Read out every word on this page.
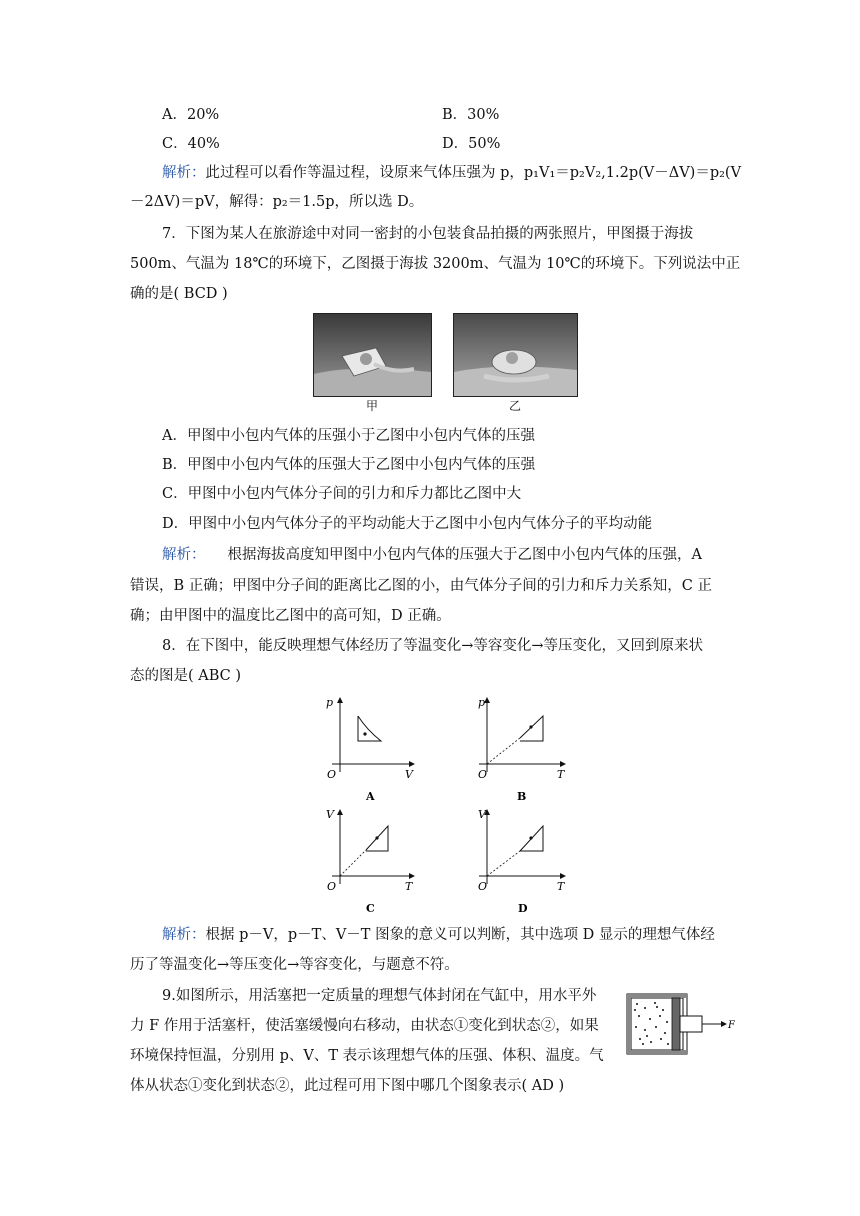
A．20%	B．30%
C．40%	D．50%
解析：此过程可以看作等温过程，设原来气体压强为 p，p₁V₁＝p₂V₂,1.2p(V－ΔV)＝p₂(V
－2ΔV)＝pV，解得：p₂＝1.5p，所以选 D。
7．下图为某人在旅游途中对同一密封的小包装食品拍摄的两张照片，甲图摄于海拔
500m、气温为 18℃的环境下，乙图摄于海拔 3200m、气温为 10℃的环境下。下列说法中正
确的是( BCD )
甲	乙
A．甲图中小包内气体的压强小于乙图中小包内气体的压强
B．甲图中小包内气体的压强大于乙图中小包内气体的压强
C．甲图中小包内气体分子间的引力和斥力都比乙图中大
D．甲图中小包内气体分子的平均动能大于乙图中小包内气体分子的平均动能
解析： 根据海拔高度知甲图中小包内气体的压强大于乙图中小包内气体的压强，A
错误，B 正确；甲图中分子间的距离比乙图的小，由气体分子间的引力和斥力关系知，C 正
确；由甲图中的温度比乙图中的高可知，D 正确。
8．在下图中，能反映理想气体经历了等温变化→等容变化→等压变化，又回到原来状
态的图是( ABC )
p
V
O
A
p
T
O
B
V
T
O
C
V
T
O
D
解析：根据 p－V，p－T、V－T 图象的意义可以判断，其中选项 D 显示的理想气体经
历了等温变化→等压变化→等容变化，与题意不符。
9.如图所示，用活塞把一定质量的理想气体封闭在气缸中，用水平外
力 F 作用于活塞杆，使活塞缓慢向右移动，由状态①变化到状态②，如果
环境保持恒温，分别用 p、V、T 表示该理想气体的压强、体积、温度。气
体从状态①变化到状态②，此过程可用下图中哪几个图象表示( AD )
F
